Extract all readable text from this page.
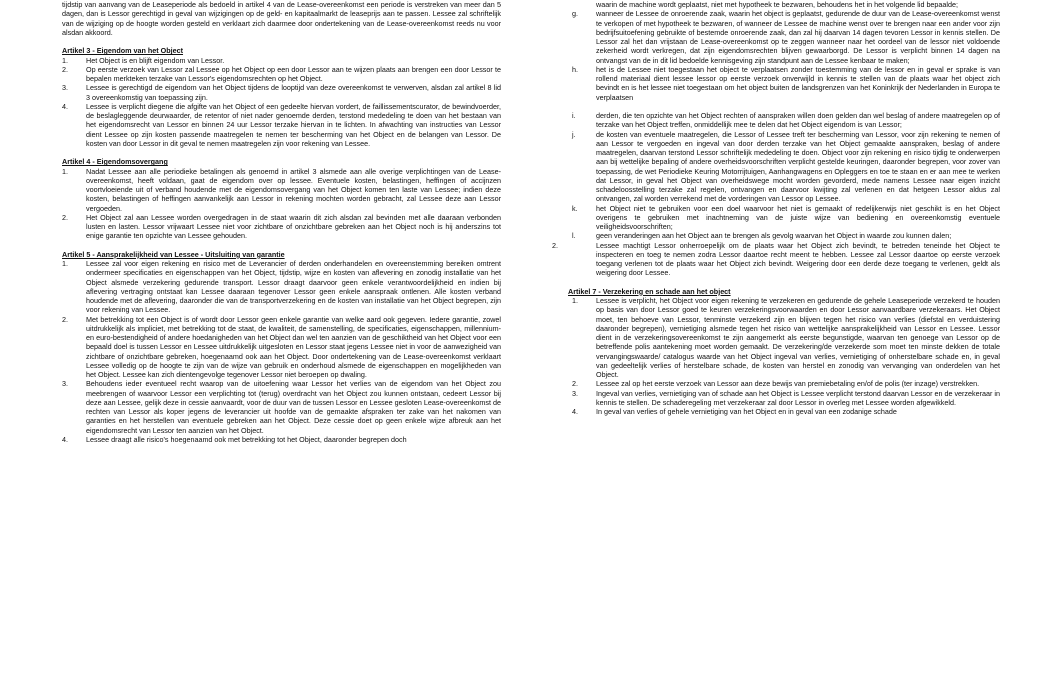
tijdstip van aanvang van de Leaseperiode als bedoeld in artikel 4 van de Lease-overeenkomst een periode is verstreken van meer dan 5 dagen, dan is Lessor gerechtigd in geval van wijzigingen op de geld- en kapitaalmarkt de leaseprijs aan te passen. Lessee zal schriftelijk van de wijziging op de hoogte worden gesteld en verklaart zich daarmee door ondertekening van de Lease-overeenkomst reeds nu voor alsdan akkoord.
Artikel 3 - Eigendom van het Object
1.	Het Object is en blijft eigendom van Lessor.
2.	Op eerste verzoek van Lessor zal Lessee op het Object op een door Lessor aan te wijzen plaats aan brengen een door Lessor te bepalen merkteken terzake van Lessor's eigendomsrechten op het Object.
3.	Lessee is gerechtigd de eigendom van het Object tijdens de looptijd van deze overeenkomst te verwerven, alsdan zal artikel 8 lid 3 overeenkomstig van toepassing zijn.
4.	Lessee is verplicht diegene die afgifte van het Object of een gedeelte hiervan vordert, de faillissementscurator, de bewindvoerder, de beslagleggende deurwaarder, de retentor of niet nader genoemde derden, terstond mededeling te doen van het bestaan van het eigendomsrecht van Lessor en binnen 24 uur Lessor terzake hiervan in te lichten. In afwachting van instructies van Lessor dient Lessee op zijn kosten passende maatregelen te nemen ter bescherming van het Object en de belangen van Lessor. De kosten van door Lessor in dit geval te nemen maatregelen zijn voor rekening van Lessee.
Artikel 4 - Eigendomsovergang
1.	Nadat Lessee aan alle periodieke betalingen als genoemd in artikel 3 alsmede aan alle overige verplichtingen van de Lease-overeenkomst, heeft voldaan, gaat de eigendom over op lessee. Eventuele kosten, belastingen, heffingen of accijnzen voortvloeiende uit of verband houdende met de eigendomsovergang van het Object komen ten laste van Lessee; indien deze kosten, belastingen of heffingen aanvankelijk aan Lessor in rekening mochten worden gebracht, zal Lessee deze aan Lessor vergoeden.
2.	Het Object zal aan Lessee worden overgedragen in de staat waarin dit zich alsdan zal bevinden met alle daaraan verbonden lusten en lasten. Lessor vrijwaart Lessee niet voor zichtbare of onzichtbare gebreken aan het Object noch is hij anderszins tot enige garantie ten opzichte van Lessee gehouden.
Artikel 5 - Aansprakelijkheid van Lessee - Uitsluiting van garantie
1.	Lessee zal voor eigen rekening en risico met de Leverancier of derden onderhandelen en overeenstemming bereiken omtrent ondermeer specificaties en eigenschappen van het Object, tijdstip, wijze en kosten van aflevering en zonodig installatie van het Object alsmede verzekering gedurende transport. Lessor draagt daarvoor geen enkele verantwoordelijkheid en indien bij aflevering vertraging ontstaat kan Lessee daaraan tegenover Lessor geen enkele aanspraak ontlenen. Alle kosten verband houdende met de aflevering, daaronder die van de transportverzekering en de kosten van installatie van het Object begrepen, zijn voor rekening van Lessee.
2.	Met betrekking tot een Object is of wordt door Lessor geen enkele garantie van welke aard ook gegeven. Iedere garantie, zowel uitdrukkelijk als impliciet, met betrekking tot de staat, de kwaliteit, de samenstelling, de specificaties, eigenschappen, millennium-en euro-bestendigheid of andere hoedanigheden van het Object dan wel ten aanzien van de geschiktheid van het Object voor een bepaald doel is tussen Lessor en Lessee uitdrukkelijk uitgesloten en Lessor staat jegens Lessee niet in voor de aanwezigheid van zichtbare of onzichtbare gebreken, hoegenaamd ook aan het Object. Door ondertekening van de Lease-overeenkomst verklaart Lessee volledig op de hoogte te zijn van de wijze van gebruik en onderhoud alsmede de eigenschappen en mogelijkheden van het Object. Lessee kan zich dientengevolge tegenover Lessor niet beroepen op dwaling.
3.	Behoudens ieder eventueel recht waarop van de uitoefening waar Lessor het verlies van de eigendom van het Object zou meebrengen of waarvoor Lessor een verplichting tot (terug) overdracht van het Object zou kunnen ontstaan, cedeert Lessor bij deze aan Lessee, gelijk deze in cessie aanvaardt, voor de duur van de tussen Lessor en Lessee gesloten Lease-overeenkomst de rechten van Lessor als koper jegens de leverancier uit hoofde van de gemaakte afspraken ter zake van het nakomen van garanties en het herstellen van eventuele gebreken aan het Object. Deze cessie doet op geen enkele wijze afbreuk aan het eigendomsrecht van Lessor ten aanzien van het Object.
4.	Lessee draagt alle risico's hoegenaamd ook met betrekking tot het Object, daaronder begrepen doch
waarin de machine wordt geplaatst, niet met hypotheek te bezwaren, behoudens het in het volgende lid bepaalde;
g.	wanneer de Lessee de onroerende zaak, waarin het object is geplaatst, gedurende de duur van de Lease-overeenkomst wenst te verkopen of met hypotheek te bezwaren, of wanneer de Lessee de machine wenst over te brengen naar een ander voor zijn bedrijfsuitoefening gebruikte of bestemde onroerende zaak, dan zal hij daarvan 14 dagen tevoren Lessor in kennis stellen. De Lessor zal het dan vrijstaan de Lease-overeenkomst op te zeggen wanneer naar het oordeel van de lessor niet voldoende zekerheid wordt verkregen, dat zijn eigendomsrechten blijven gewaarborgd. De Lessor is verplicht binnen 14 dagen na ontvangst van de in dit lid bedoelde kennisgeving zijn standpunt aan de Lessee kenbaar te maken;
h.	het is de Lessee niet toegestaan het object te verplaatsen zonder toestemming van de lessor en in geval er sprake is van rollend materiaal dient lessee lessor op eerste verzoek onverwijld in kennis te stellen van de plaats waar het object zich bevindt en is het lessee niet toegestaan om het object buiten de landsgrenzen van het Koninkrijk der Nederlanden in Europa te verplaatsen
i.	derden, die ten opzichte van het Object rechten of aanspraken willen doen gelden dan wel beslag of andere maatregelen op of terzake van het Object treffen, onmiddellijk mee te delen dat het Object eigendom is van Lessor;
j.	de kosten van eventuele maatregelen, die Lessor of Lessee treft ter bescherming van Lessor, voor zijn rekening te nemen of aan Lessor te vergoeden en ingeval van door derden terzake van het Object gemaakte aanspraken, beslag of andere maatregelen, daarvan terstond Lessor schriftelijk mededeling te doen. Object voor zijn rekening en risico tijdig te onderwerpen aan bij wettelijke bepaling of andere overheidsvoorschriften verplicht gestelde keuringen, daaronder begrepen, voor zover van toepassing, de wet Periodieke Keuring Motorrijtuigen, Aanhangwagens en Opleggers en toe te staan en er aan mee te werken dat Lessor, in geval het Object van overheidswege mocht worden gevorderd, mede namens Lessee naar eigen inzicht schadeloosstelling terzake zal regelen, ontvangen en daarvoor kwijting zal verlenen en dat hetgeen Lessor aldus zal ontvangen, zal worden verrekend met de vorderingen van Lessor op Lessee.
k.	het Object niet te gebruiken voor een doel waarvoor het niet is gemaakt of redelijkerwijs niet geschikt is en het Object overigens te gebruiken met inachtneming van de juiste wijze van bediening en overeenkomstig eventuele veiligheidsvoorschriften;
l.	geen veranderingen aan het Object aan te brengen als gevolg waarvan het Object in waarde zou kunnen dalen;
2.	Lessee machtigt Lessor onherroepelijk om de plaats waar het Object zich bevindt, te betreden teneinde het Object te inspecteren en toeg te nemen zodra Lessor daartoe recht meent te hebben. Lessee zal Lessor daartoe op eerste verzoek toegang verlenen tot de plaats waar het Object zich bevindt. Weigering door een derde deze toegang te verlenen, geldt als weigering door Lessee.
Artikel 7 - Verzekering en schade aan het object
1.	Lessee is verplicht, het Object voor eigen rekening te verzekeren en gedurende de gehele Leaseperiode verzekerd te houden op basis van door Lessor goed te keuren verzekeringsvoorwaarden en door Lessor aanvaardbare verzekeraars. Het Object moet, ten behoeve van Lessor, tenminste verzekerd zijn en blijven tegen het risico van verlies (diefstal en verduistering daaronder begrepen), vernietiging alsmede tegen het risico van wettelijke aansprakelijkheid van Lessor en Lessee. Lessor dient in de verzekeringsovereenkomst te zijn aangemerkt als eerste begunstigde, waarvan ten genoege van Lessor op de betreffende polis aantekening moet worden gemaakt. De verzekering/de verzekerde som moet ten minste dekken de totale vervangingswaarde/ catalogus waarde van het Object ingeval van verlies, vernietiging of onherstelbare schade en, in geval van gedeeltelijk verlies of herstelbare schade, de kosten van herstel en zonodig van vervanging van onderdelen van het Object.
2.	Lessee zal op het eerste verzoek van Lessor aan deze bewijs van premiebetaling en/of de polis (ter inzage) verstrekken.
3.	Ingeval van verlies, vernietiging van of schade aan het Object is Lessee verplicht terstond daarvan Lessor en de verzekeraar in kennis te stellen. De schaderegeling met verzekeraar zal door Lessor in overleg met Lessee worden afgewikkeld.
4.	In geval van verlies of gehele vernietiging van het Object en in geval van een zodanige schade
